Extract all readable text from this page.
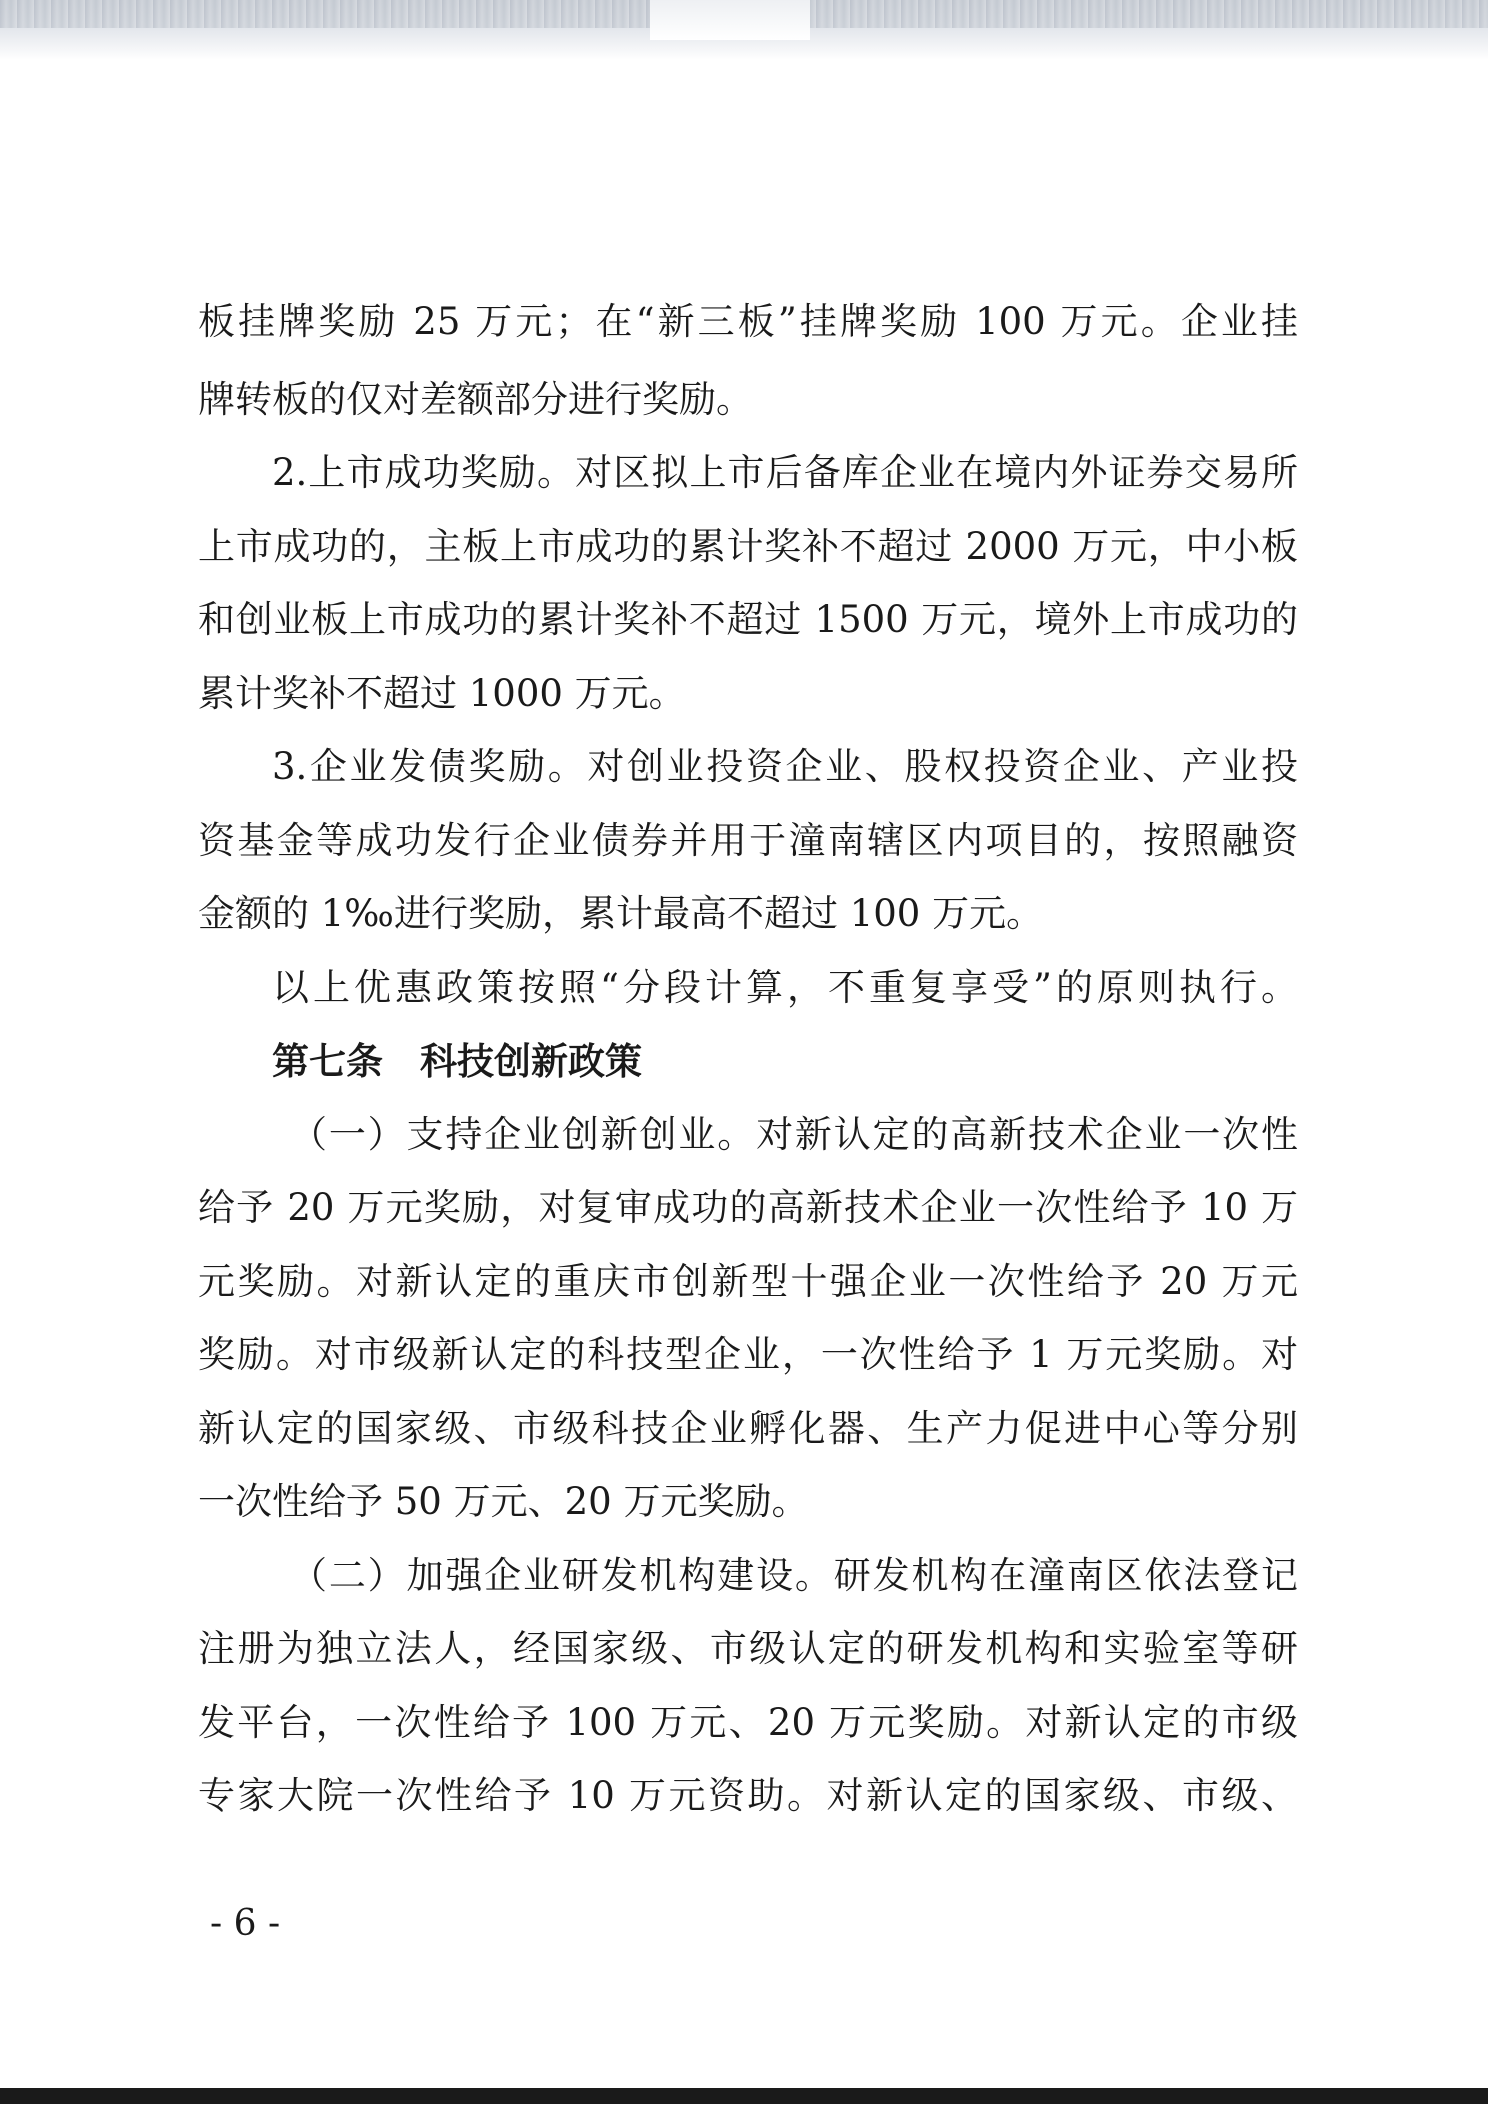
板挂牌奖励 25 万元；在“新三板”挂牌奖励 100 万元。企业挂
牌转板的仅对差额部分进行奖励。
2.上市成功奖励。对区拟上市后备库企业在境内外证券交易所
上市成功的，主板上市成功的累计奖补不超过 2000 万元，中小板
和创业板上市成功的累计奖补不超过 1500 万元，境外上市成功的
累计奖补不超过 1000 万元。
3.企业发债奖励。对创业投资企业、股权投资企业、产业投
资基金等成功发行企业债券并用于潼南辖区内项目的，按照融资
金额的 1‰进行奖励，累计最高不超过 100 万元。
以上优惠政策按照“分段计算，不重复享受”的原则执行。
第七条　科技创新政策
（一）支持企业创新创业。对新认定的高新技术企业一次性
给予 20 万元奖励，对复审成功的高新技术企业一次性给予 10 万
元奖励。对新认定的重庆市创新型十强企业一次性给予 20 万元
奖励。对市级新认定的科技型企业，一次性给予 1 万元奖励。对
新认定的国家级、市级科技企业孵化器、生产力促进中心等分别
一次性给予 50 万元、20 万元奖励。
（二）加强企业研发机构建设。研发机构在潼南区依法登记
注册为独立法人，经国家级、市级认定的研发机构和实验室等研
发平台，一次性给予 100 万元、20 万元奖励。对新认定的市级
专家大院一次性给予 10 万元资助。对新认定的国家级、市级、
- 6 -
